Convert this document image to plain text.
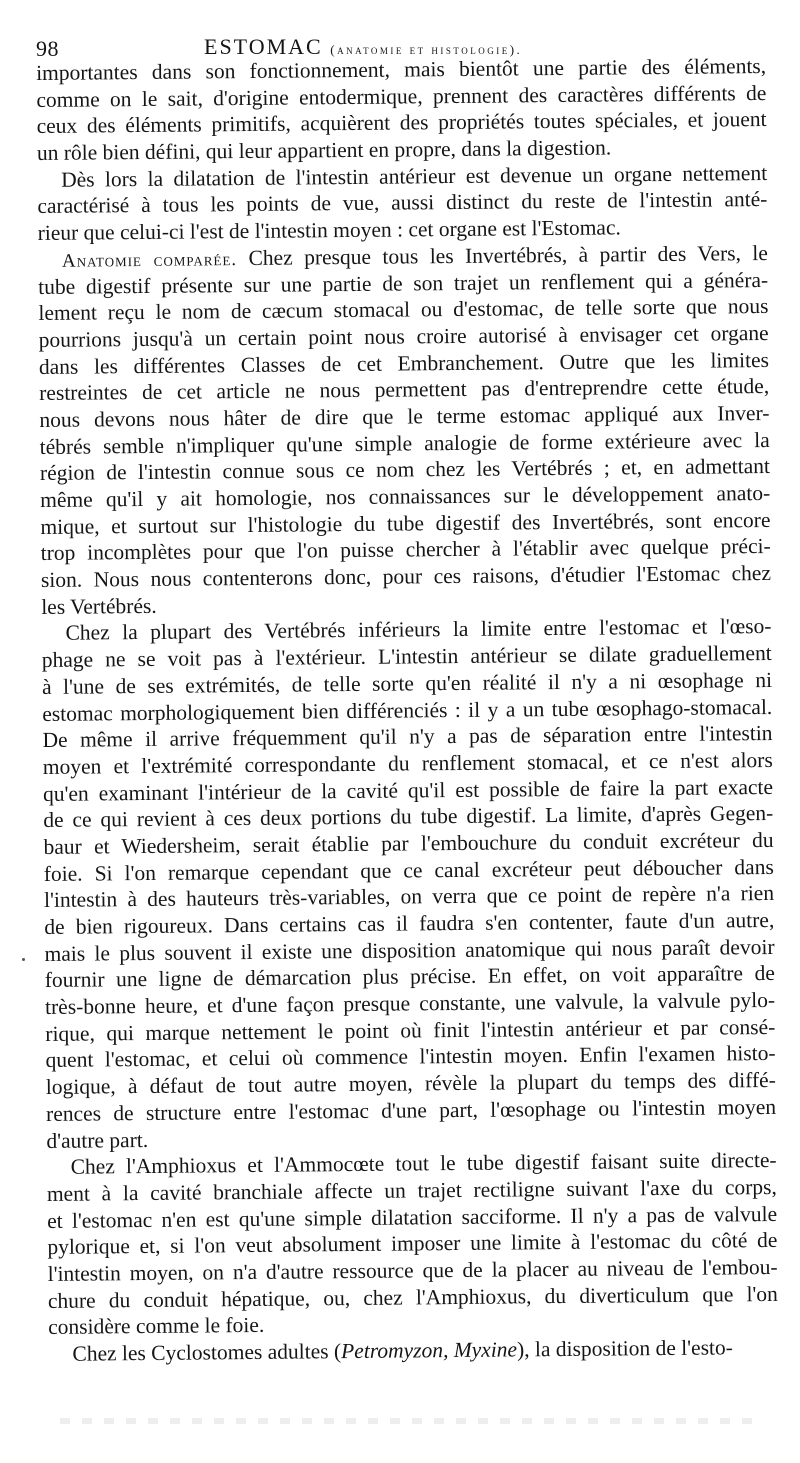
98	ESTOMAC (anatomie et histologie).
importantes dans son fonctionnement, mais bientôt une partie des éléments,
comme on le sait, d'origine entodermique, prennent des caractères différents de
ceux des éléments primitifs, acquièrent des propriétés toutes spéciales, et jouent
un rôle bien défini, qui leur appartient en propre, dans la digestion.
Dès lors la dilatation de l'intestin antérieur est devenue un organe nettement
caractérisé à tous les points de vue, aussi distinct du reste de l'intestin anté-
rieur que celui-ci l'est de l'intestin moyen : cet organe est l'Estomac.
Anatomie comparée. Chez presque tous les Invertébrés, à partir des Vers, le
tube digestif présente sur une partie de son trajet un renflement qui a généra-
lement reçu le nom de cæcum stomacal ou d'estomac, de telle sorte que nous
pourrions jusqu'à un certain point nous croire autorisé à envisager cet organe
dans les différentes Classes de cet Embranchement. Outre que les limites
restreintes de cet article ne nous permettent pas d'entreprendre cette étude,
nous devons nous hâter de dire que le terme estomac appliqué aux Inver-
tébrés semble n'impliquer qu'une simple analogie de forme extérieure avec la
région de l'intestin connue sous ce nom chez les Vertébrés ; et, en admettant
même qu'il y ait homologie, nos connaissances sur le développement anato-
mique, et surtout sur l'histologie du tube digestif des Invertébrés, sont encore
trop incomplètes pour que l'on puisse chercher à l'établir avec quelque préci-
sion. Nous nous contenterons donc, pour ces raisons, d'étudier l'Estomac chez
les Vertébrés.
Chez la plupart des Vertébrés inférieurs la limite entre l'estomac et l'œso-
phage ne se voit pas à l'extérieur. L'intestin antérieur se dilate graduellement
à l'une de ses extrémités, de telle sorte qu'en réalité il n'y a ni œsophage ni
estomac morphologiquement bien différenciés : il y a un tube œsophago-stomacal.
De même il arrive fréquemment qu'il n'y a pas de séparation entre l'intestin
moyen et l'extrémité correspondante du renflement stomacal, et ce n'est alors
qu'en examinant l'intérieur de la cavité qu'il est possible de faire la part exacte
de ce qui revient à ces deux portions du tube digestif. La limite, d'après Gegen-
baur et Wiedersheim, serait établie par l'embouchure du conduit excréteur du
foie. Si l'on remarque cependant que ce canal excréteur peut déboucher dans
l'intestin à des hauteurs très-variables, on verra que ce point de repère n'a rien
de bien rigoureux. Dans certains cas il faudra s'en contenter, faute d'un autre,
mais le plus souvent il existe une disposition anatomique qui nous paraît devoir
fournir une ligne de démarcation plus précise. En effet, on voit apparaître de
très-bonne heure, et d'une façon presque constante, une valvule, la valvule pylo-
rique, qui marque nettement le point où finit l'intestin antérieur et par consé-
quent l'estomac, et celui où commence l'intestin moyen. Enfin l'examen histo-
logique, à défaut de tout autre moyen, révèle la plupart du temps des diffé-
rences de structure entre l'estomac d'une part, l'œsophage ou l'intestin moyen
d'autre part.
Chez l'Amphioxus et l'Ammocœte tout le tube digestif faisant suite directe-
ment à la cavité branchiale affecte un trajet rectiligne suivant l'axe du corps,
et l'estomac n'en est qu'une simple dilatation sacciforme. Il n'y a pas de valvule
pylorique et, si l'on veut absolument imposer une limite à l'estomac du côté de
l'intestin moyen, on n'a d'autre ressource que de la placer au niveau de l'embou-
chure du conduit hépatique, ou, chez l'Amphioxus, du diverticulum que l'on
considère comme le foie.
Chez les Cyclostomes adultes (Petromyzon, Myxine), la disposition de l'esto-
